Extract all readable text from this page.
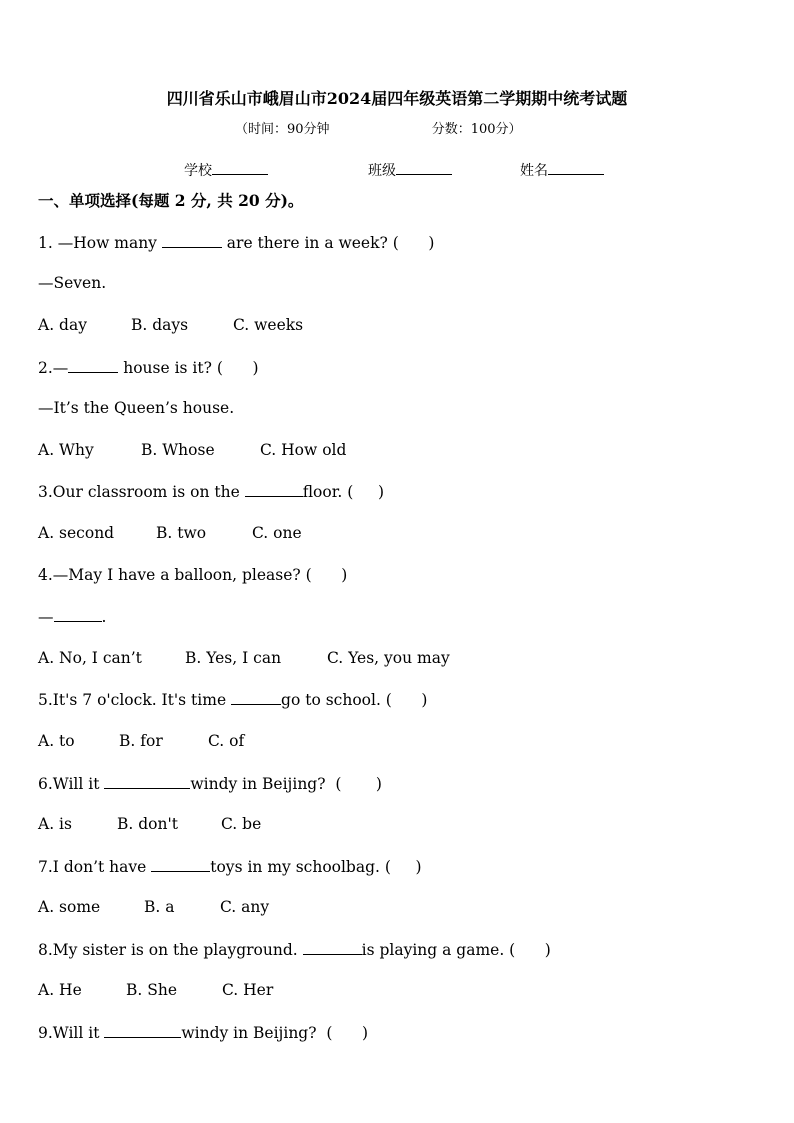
四川省乐山市峨眉山市2024届四年级英语第二学期期中统考试题
（时间：90分钟	分数：100分）
学校	班级	姓名
一、单项选择(每题 2 分, 共 20 分)。
1. —How many	are there in a week? (      )
—Seven.
A. day	B. days	C. weeks
2.—	house is it? (      )
—It’s the Queen’s house.
A. Why	B. Whose	C. How old
3.Our classroom is on the	floor. (     )
A. second	B. two	C. one
4.—May I have a balloon, please? (      )
—	.
A. No, I can’t	B. Yes, I can	C. Yes, you may
5.It's 7 o'clock. It's time	go to school. (      )
A. to	B. for	C. of
6.Will it	windy in Beijing?  (       )
A. is	B. don't	C. be
7.I don’t have	toys in my schoolbag. (     )
A. some	B. a	C. any
8.My sister is on the playground.	is playing a game. (      )
A. He	B. She	C. Her
9.Will it	windy in Beijing?  (      )
